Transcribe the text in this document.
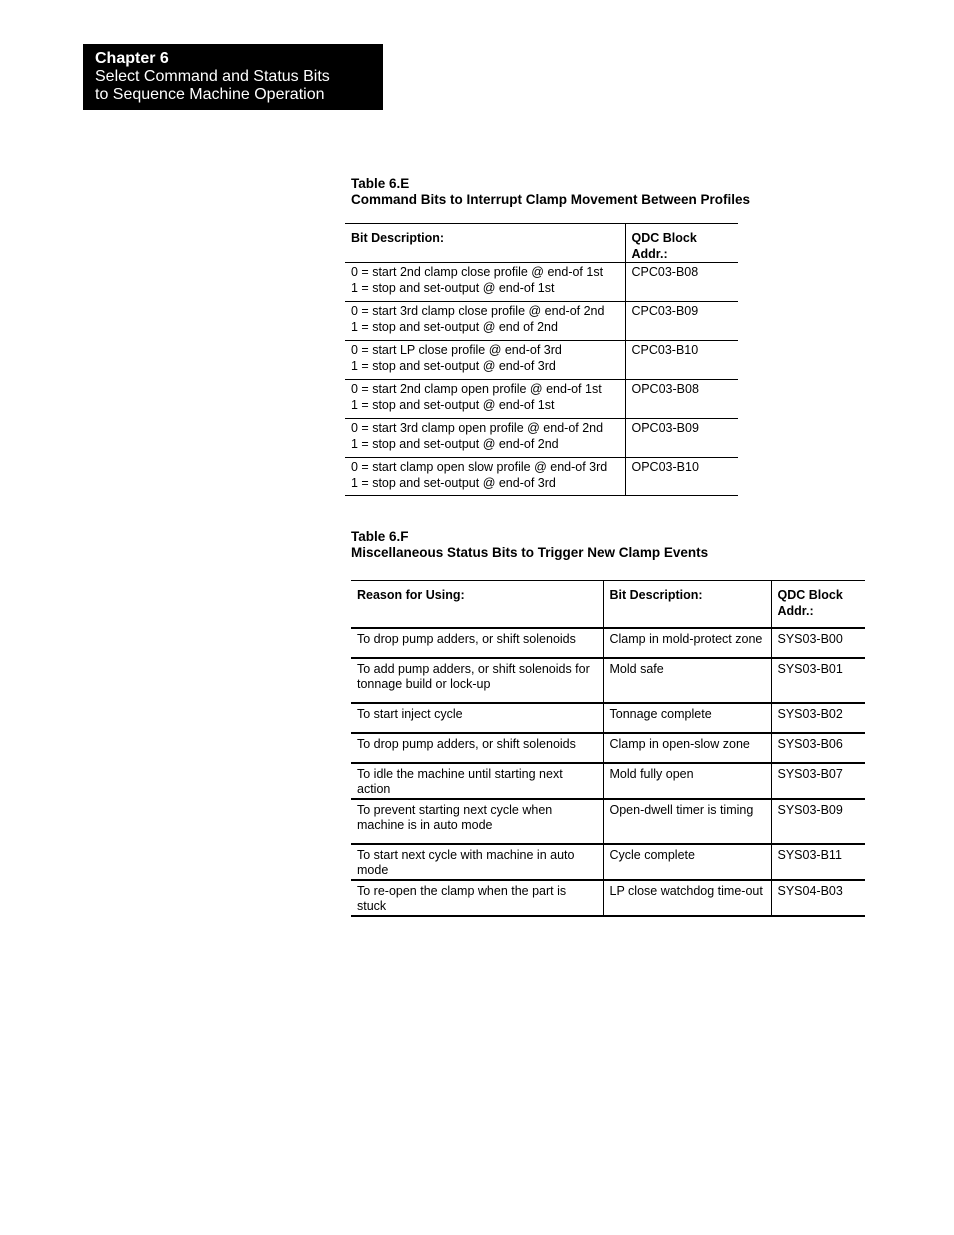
Chapter 6
Select Command and Status Bits
to Sequence Machine Operation
Table 6.E
Command Bits to Interrupt Clamp Movement Between Profiles
Bit Description:	QDC Block Addr.:

0 = start 2nd clamp close profile @ end-of 1st
1 = stop and set-output @ end-of 1st	CPC03-B08

0 = start 3rd clamp close profile @ end-of 2nd
1 = stop and set-output @ end of 2nd	CPC03-B09

0 = start LP close profile @ end-of 3rd
1 = stop and set-output @ end-of 3rd	CPC03-B10

0 = start 2nd clamp open profile @ end-of 1st
1 = stop and set-output @ end-of 1st	OPC03-B08

0 = start 3rd clamp open profile @ end-of 2nd
1 = stop and set-output @ end-of 2nd	OPC03-B09

0 = start clamp open slow profile @ end-of 3rd
1 = stop and set-output @ end-of 3rd	OPC03-B10
Table 6.F
Miscellaneous Status Bits to Trigger New Clamp Events
Reason for Using:	Bit Description:	QDC Block Addr.:
To drop pump adders, or shift solenoids	Clamp in mold-protect zone	SYS03-B00
To add pump adders, or shift solenoids for tonnage build or lock-up	Mold safe	SYS03-B01
To start inject cycle	Tonnage complete	SYS03-B02
To drop pump adders, or shift solenoids	Clamp in open-slow zone	SYS03-B06
To idle the machine until starting next action	Mold fully open	SYS03-B07
To prevent starting next cycle when machine is in auto mode	Open-dwell timer is timing	SYS03-B09
To start next cycle with machine in auto mode	Cycle complete	SYS03-B11
To re-open the clamp when the part is stuck	LP close watchdog time-out	SYS04-B03
